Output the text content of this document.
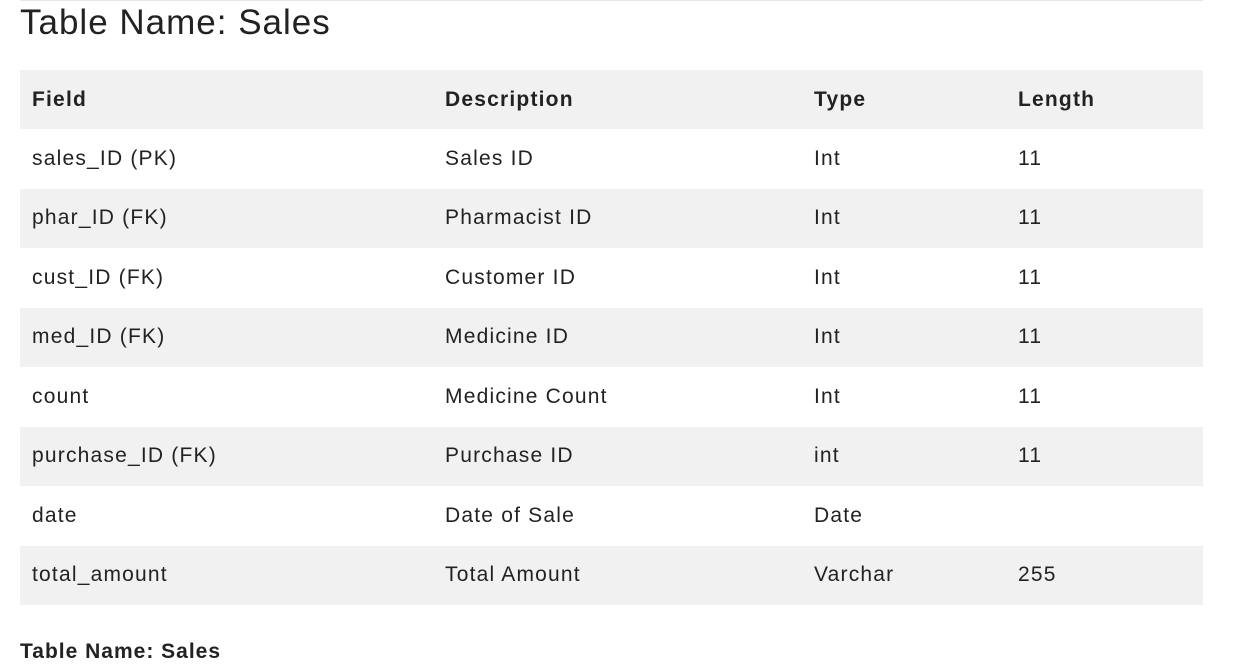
Table Name: Sales
Field	Description	Type	Length
sales_ID (PK)	Sales ID	Int	11
phar_ID (FK)	Pharmacist ID	Int	11
cust_ID (FK)	Customer ID	Int	11
med_ID (FK)	Medicine ID	Int	11
count	Medicine Count	Int	11
purchase_ID (FK)	Purchase ID	int	11
date	Date of Sale	Date	
total_amount	Total Amount	Varchar	255

Table Name: Sales
